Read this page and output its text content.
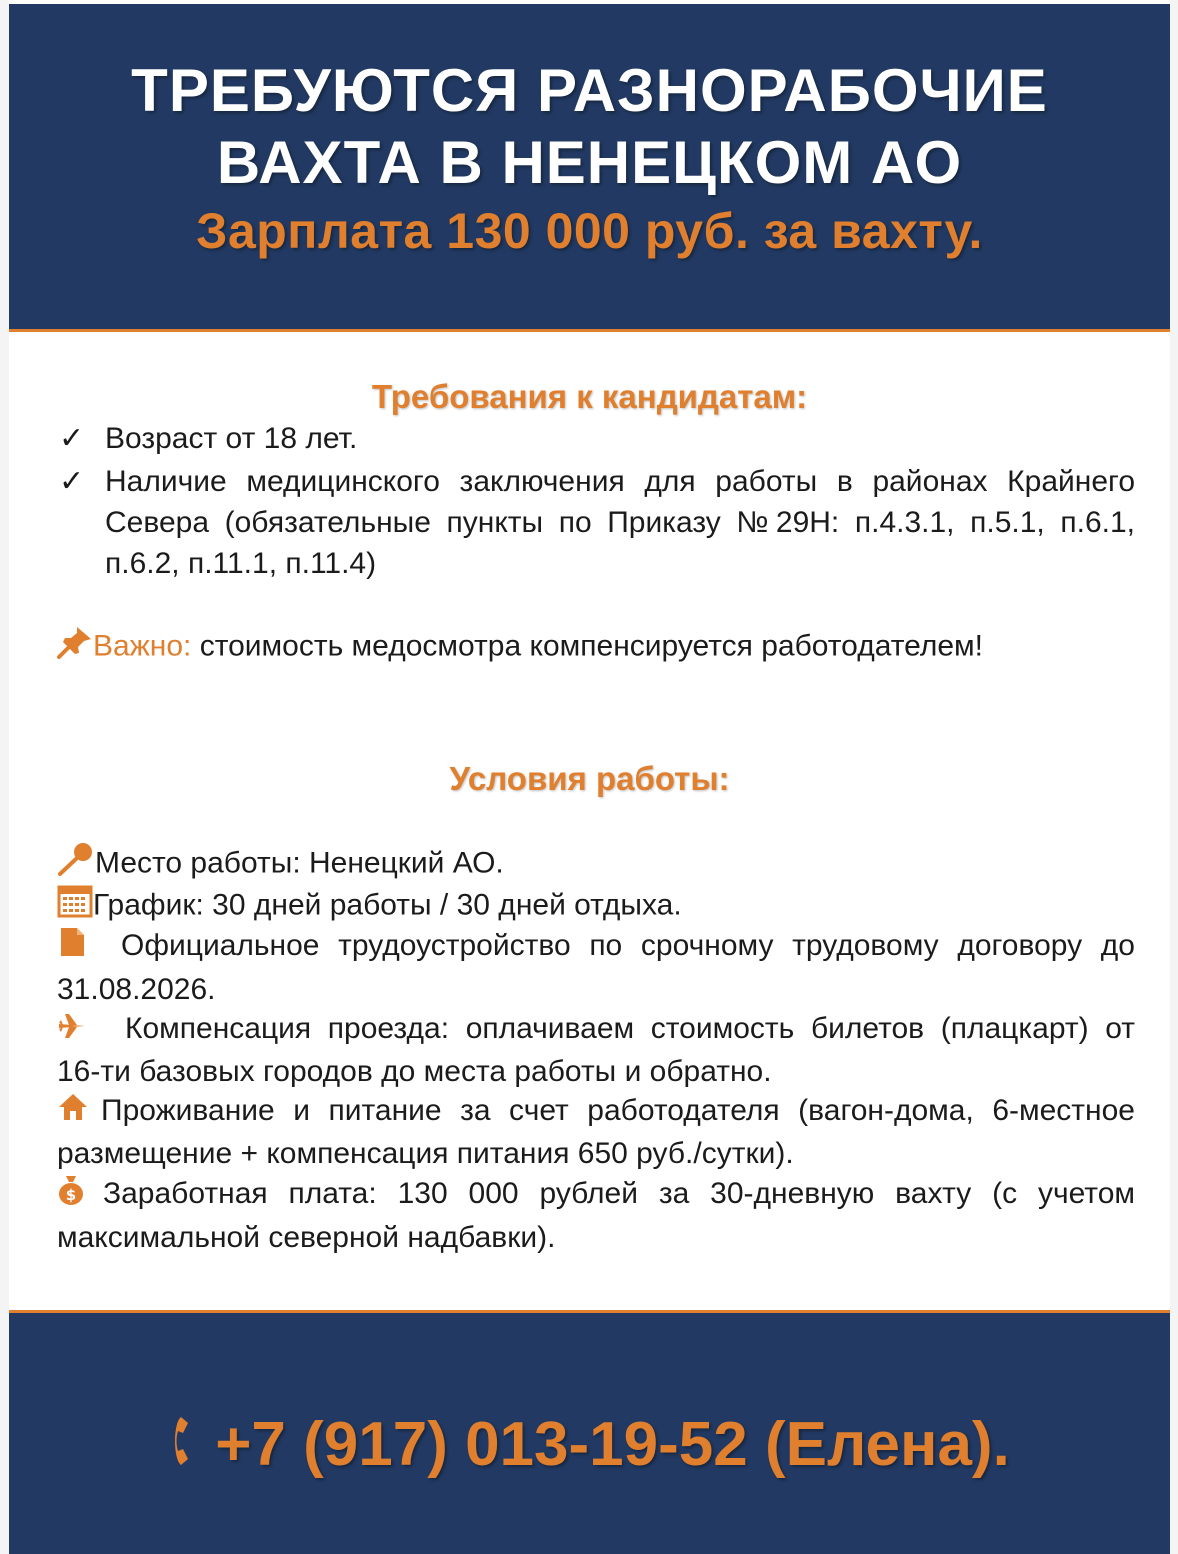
ТРЕБУЮТСЯ РАЗНОРАБОЧИЕ
ВАХТА В НЕНЕЦКОМ АО
Зарплата 130 000 руб. за вахту.
Требования к кандидатам:
✓ Возраст от 18 лет.
✓ Наличие медицинского заключения для работы в районах Крайнего Севера (обязательные пункты по Приказу №29Н: п.4.3.1, п.5.1, п.6.1, п.6.2, п.11.1, п.11.4)
Важно: стоимость медосмотра компенсируется работодателем!
Условия работы:
Место работы: Ненецкий АО.
График: 30 дней работы / 30 дней отдыха.
Официальное трудоустройство по срочному трудовому договору до 31.08.2026.
Компенсация проезда: оплачиваем стоимость билетов (плацкарт) от 16-ти базовых городов до места работы и обратно.
Проживание и питание за счет работодателя (вагон-дома, 6-местное размещение + компенсация питания 650 руб./сутки).
$ Заработная плата: 130 000 рублей за 30-дневную вахту (с учетом максимальной северной надбавки).
+7 (917) 013-19-52 (Елена).
